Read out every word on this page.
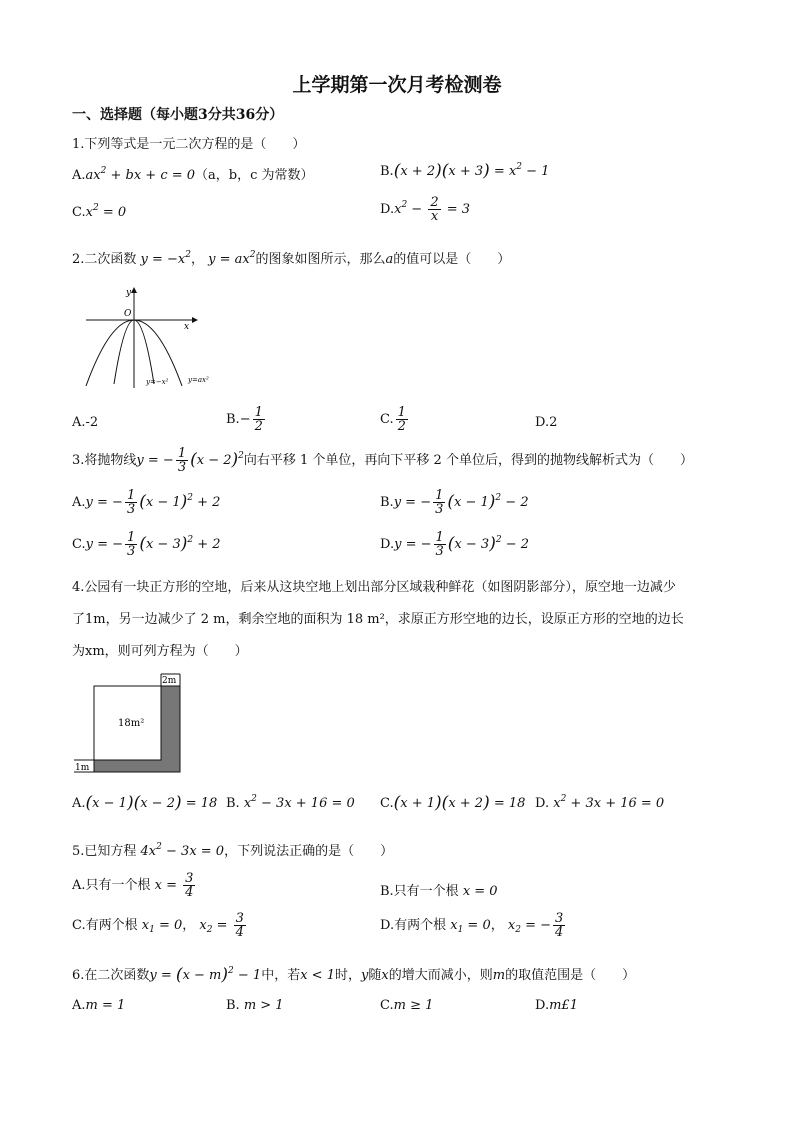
上学期第一次月考检测卷
一、选择题（每小题3分共36分）
1.下列等式是一元二次方程的是（　　）
$A.ax^2$ + bx + c = 0（a，b，c 为常数）	$B.(x + 2)(x + 3) = x^2 - 1$
$C.x^2 = 0$	$D.x^2 - \frac{2}{x} = 3$
2.二次函数 $y = -x^2$， $y = ax^2$的图象如图所示，那么a的值可以是（　　）
x
y
O
y=−x²	y=ax²
A.-2	$B.- \frac{1}{2}$	C. $\frac{1}{2}$	D.2
3.将抛物线y = − $\frac{1}{3} (x - 2)^2$向右平移 1 个单位，再向下平移 2 个单位后，得到的抛物线解析式为（　　）
A.y = − $\frac{1}{3} (x - 1)^2 + 2$	B.y = − $\frac{1}{3} (x - 1)^2 - 2$
C.y = − $\frac{1}{3} (x - 3)^2 + 2$	D.y = − $\frac{1}{3} (x - 3)^2 - 2$
4.公园有一块正方形的空地，后来从这块空地上划出部分区域栽种鲜花（如图阴影部分），原空地一边减少
了1m，另一边减少了 2 m，剩余空地的面积为 18 m²，求原正方形空地的边长，设原正方形的空地的边长
为xm，则可列方程为（　　）
2m
18m²
1m
A.(x − 1)(x − 2) = 18 B. $x^2 - 3x + 16 = 0$ C.(x + 1)(x + 2) = 18 D. $x^2 + 3x + 16 = 0$
5.已知方程 $4x^2 - 3x = 0$，下列说法正确的是（　　）
A.只有一个根 $x = \frac{3}{4}$	B.只有一个根 x = 0
C.有两个根 $x_1 = 0$， $x_2 = \frac{3}{4}$	D.有两个根 $x_1 = 0$， $x_2$ = − $\frac{3}{4}$
6.在二次函数$y = (x - m)^2 - 1$中，若x < 1时，y随x的增大而减小，则m的取值范围是（　　）
A.m = 1	B. m > 1	C.m ≥ 1	D.m£1
